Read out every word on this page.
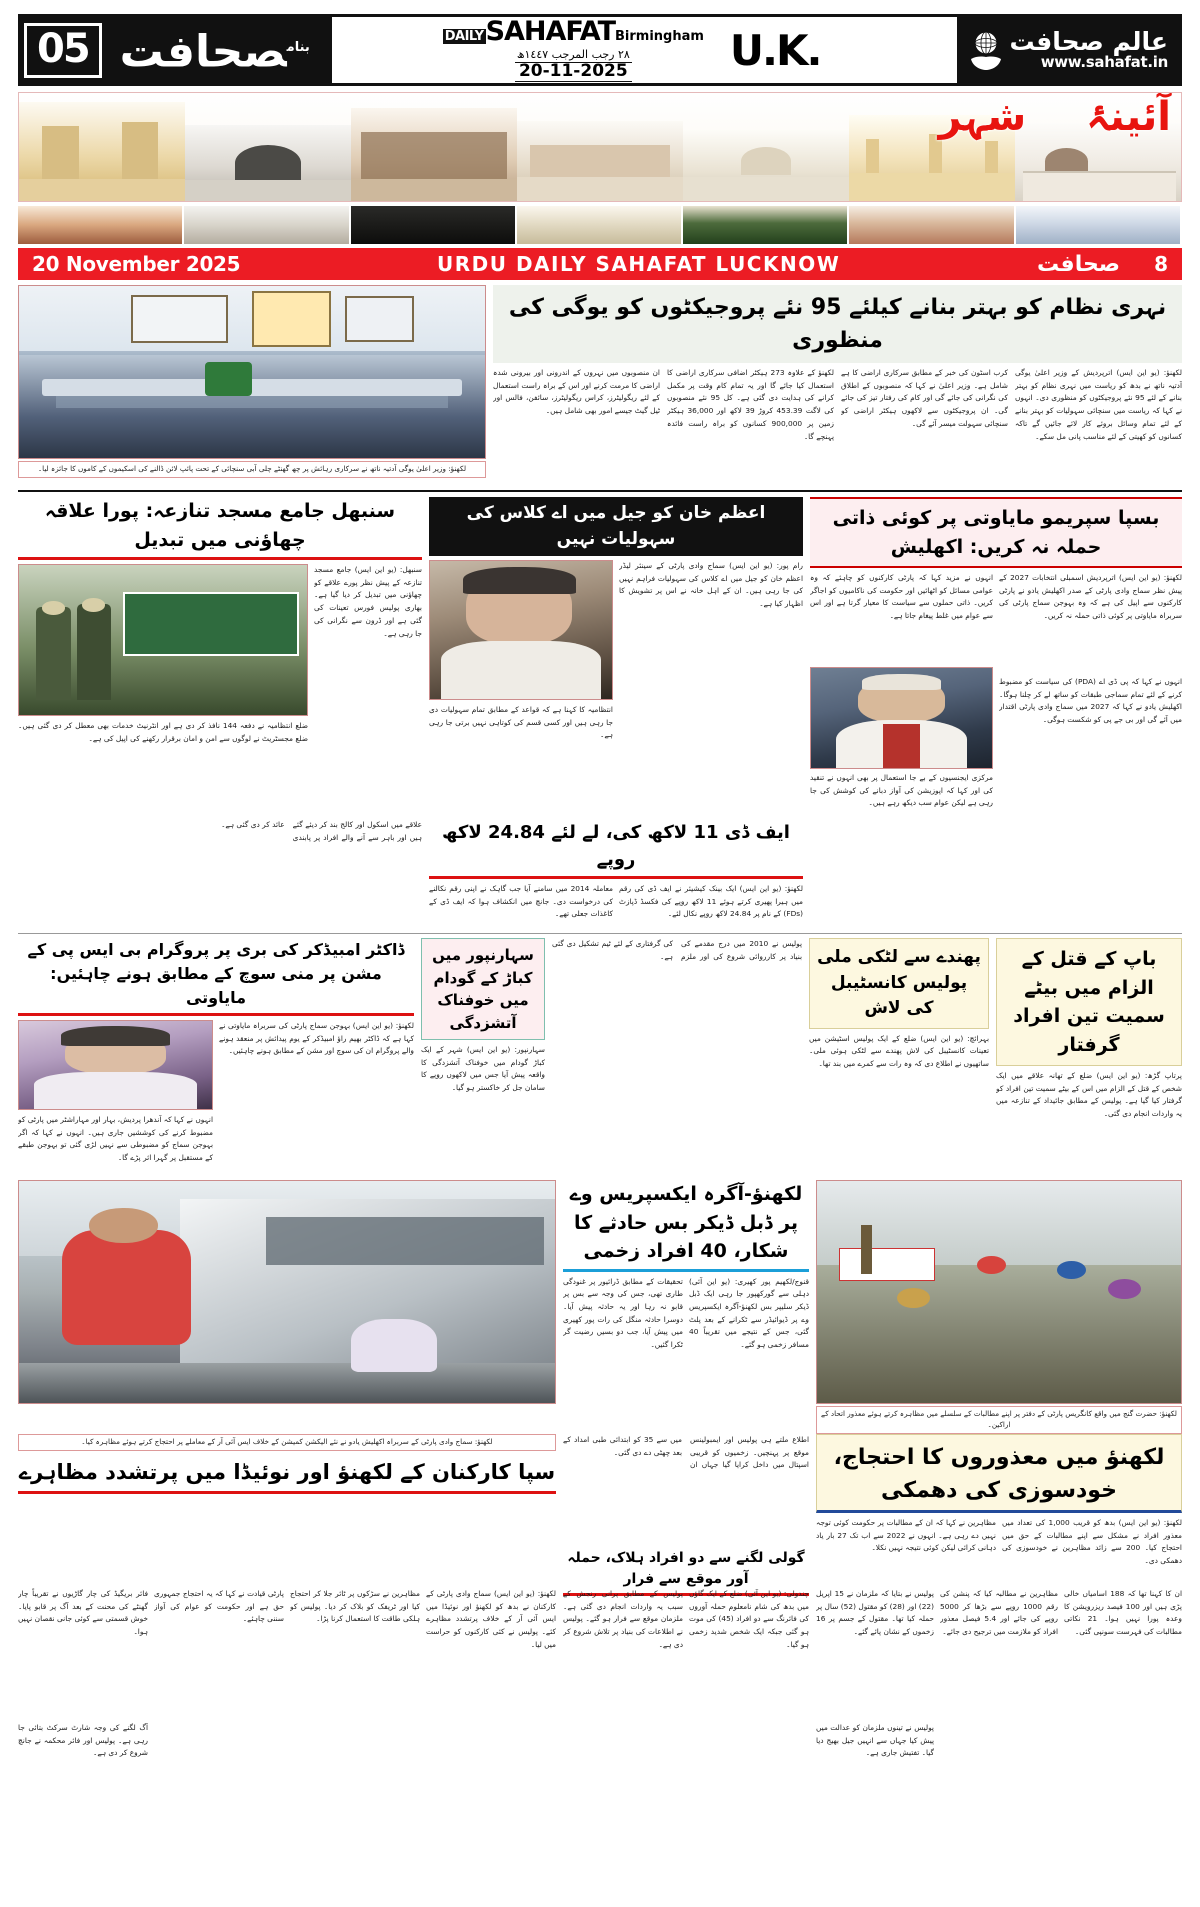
05	$^{بنام}$صحافت	DAILYSAHAFATBirmingham
٢٨ رجب المرجب ١٤٤٧ھ
20-11-2025	U.K.	عالم صحافت
www.sahafat.in
آئینۂ
شہر
20 November 2025	URDU DAILY SAHAFAT LUCKNOW	صحافت 8
نہری نظام کو بہتر بنانے کیلئے 95 نئے پروجیکٹوں کو یوگی کی منظوری
لکھنؤ: (یو این ایس) اترپردیش کے وزیر اعلیٰ یوگی آدتیہ ناتھ نے بدھ کو ریاست میں نہری نظام کو بہتر بنانے کے لئے 95 نئے پروجیکٹوں کو منظوری دی۔ انہوں نے کہا کہ ریاست میں سنچائی سہولیات کو بہتر بنانے کے لئے تمام وسائل بروئے کار لائے جائیں گے تاکہ کسانوں کو کھیتی کے لئے مناسب پانی مل سکے۔
کرب اسٹون کی خبر کے مطابق سرکاری اراضی کا ہے شامل ہے۔ وزیر اعلیٰ نے کہا کہ منصوبوں کے اطلاق کی نگرانی کی جائے گی اور کام کی رفتار تیز کی جائے گی۔ ان پروجیکٹوں سے لاکھوں ہیکٹر اراضی کو سنچائی سہولت میسر آئے گی۔
لکھنؤ کے علاوہ 273 ہیکٹر اضافی سرکاری اراضی کا استعمال کیا جائے گا اور یہ تمام کام وقت پر مکمل کرانے کی ہدایت دی گئی ہے۔ کل 95 نئے منصوبوں کی لاگت 453.39 کروڑ 39 لاکھ اور 36,000 ہیکٹر زمین پر 900,000 کسانوں کو براہ راست فائدہ پہنچے گا۔
ان منصوبوں میں نہروں کے اندرونی اور بیرونی شدہ اراضی کا مرمت کرنے اور اس کے براہ راست استعمال کے لئے ریگولیٹرز، کراس ریگولیٹرز، سائفن، فالس اور ٹیل گیٹ جیسے امور بھی شامل ہیں۔
لکھنؤ: وزیر اعلیٰ یوگی آدتیہ ناتھ نے سرکاری رہائش پر چھ گھنٹے چلی آبی سنچائی کے تحت پائپ لائن ڈالنے کی اسکیموں کے کاموں کا جائزہ لیا۔
بسپا سپریمو مایاوتی پر کوئی ذاتی حملہ نہ کریں: اکھلیش
لکھنؤ: (یو این ایس) اترپردیش اسمبلی انتخابات 2027 کے پیش نظر سماج وادی پارٹی کے صدر اکھلیش یادو نے پارٹی کارکنوں سے اپیل کی ہے کہ وہ بہوجن سماج پارٹی کی سربراہ مایاوتی پر کوئی ذاتی حملہ نہ کریں۔
انہوں نے کہا کہ پی ڈی اے (PDA) کی سیاست کو مضبوط کرنے کے لئے تمام سماجی طبقات کو ساتھ لے کر چلنا ہوگا۔ اکھلیش یادو نے کہا کہ 2027 میں سماج وادی پارٹی اقتدار میں آئے گی اور بی جے پی کو شکست ہوگی۔
انہوں نے مزید کہا کہ پارٹی کارکنوں کو چاہئے کہ وہ عوامی مسائل کو اٹھائیں اور حکومت کی ناکامیوں کو اجاگر کریں۔ ذاتی حملوں سے سیاست کا معیار گرتا ہے اور اس سے عوام میں غلط پیغام جاتا ہے۔
مرکزی ایجنسیوں کے بے جا استعمال پر بھی انہوں نے تنقید کی اور کہا کہ اپوزیشن کی آواز دبانے کی کوشش کی جا رہی ہے لیکن عوام سب دیکھ رہے ہیں۔
اعظم خان کو جیل میں اے کلاس کی سہولیات نہیں
رام پور: (یو این ایس) سماج وادی پارٹی کے سینئر لیڈر اعظم خان کو جیل میں اے کلاس کی سہولیات فراہم نہیں کی جا رہی ہیں۔ ان کے اہل خانہ نے اس پر تشویش کا اظہار کیا ہے۔
انتظامیہ کا کہنا ہے کہ قواعد کے مطابق تمام سہولیات دی جا رہی ہیں اور کسی قسم کی کوتاہی نہیں برتی جا رہی ہے۔
سنبھل جامع مسجد تنازعہ: پورا علاقہ چھاؤنی میں تبدیل
سنبھل: (یو این ایس) جامع مسجد تنازعہ کے پیش نظر پورے علاقے کو چھاؤنی میں تبدیل کر دیا گیا ہے۔ بھاری پولیس فورس تعینات کی گئی ہے اور ڈرون سے نگرانی کی جا رہی ہے۔
ضلع انتظامیہ نے دفعہ 144 نافذ کر دی ہے اور انٹرنیٹ خدمات بھی معطل کر دی گئی ہیں۔ ضلع مجسٹریٹ نے لوگوں سے امن و امان برقرار رکھنے کی اپیل کی ہے۔
ایف ڈی 11 لاکھ کی، لے لئے 24.84 لاکھ روپے
لکھنؤ: (یو این ایس) ایک بینک کیشیئر نے ایف ڈی کی رقم میں ہیرا پھیری کرتے ہوئے 11 لاکھ روپے کی فکسڈ ڈپازٹ (FDs) کے نام پر 24.84 لاکھ روپے نکال لئے۔
معاملہ 2014 میں سامنے آیا جب گاہک نے اپنی رقم نکالنے کی درخواست دی۔ جانچ میں انکشاف ہوا کہ ایف ڈی کے کاغذات جعلی تھے۔
علاقے میں اسکول اور کالج بند کر دیئے گئے ہیں اور باہر سے آنے والے افراد پر پابندی عائد کر دی گئی ہے۔
باپ کے قتل کے الزام میں بیٹے سمیت تین افراد گرفتار
پرتاپ گڑھ: (یو این ایس) ضلع کے تھانہ علاقے میں ایک شخص کے قتل کے الزام میں اس کے بیٹے سمیت تین افراد کو گرفتار کیا گیا ہے۔ پولیس کے مطابق جائیداد کے تنازعہ میں یہ واردات انجام دی گئی۔
پھندے سے لٹکی ملی پولیس کانسٹیبل کی لاش
بہرائچ: (یو این ایس) ضلع کے ایک پولیس اسٹیشن میں تعینات کانسٹیبل کی لاش پھندے سے لٹکی ہوئی ملی۔ ساتھیوں نے اطلاع دی کہ وہ رات سے کمرے میں بند تھا۔
پولیس نے 2010 میں درج مقدمے کی بنیاد پر کارروائی شروع کی اور ملزم کی گرفتاری کے لئے ٹیم تشکیل دی گئی ہے۔
سہارنپور میں کباڑ کے گودام میں خوفناک آتشزدگی
سہارنپور: (یو این ایس) شہر کے ایک کباڑ گودام میں خوفناک آتشزدگی کا واقعہ پیش آیا جس میں لاکھوں روپے کا سامان جل کر خاکستر ہو گیا۔
ڈاکٹر امبیڈکر کی بری پر پروگرام بی ایس پی کے مشن پر منی سوچ کے مطابق ہونے چاہئیں: مایاوتی
لکھنؤ: (یو این ایس) بہوجن سماج پارٹی کی سربراہ مایاوتی نے کہا ہے کہ ڈاکٹر بھیم راؤ امبیڈکر کے یوم پیدائش پر منعقد ہونے والے پروگرام ان کی سوچ اور مشن کے مطابق ہونے چاہئیں۔
انہوں نے کہا کہ آندھرا پردیش، بہار اور مہاراشٹر میں پارٹی کو مضبوط کرنے کی کوششیں جاری ہیں۔ انہوں نے کہا کہ اگر بہوجن سماج کو مضبوطی سے نہیں لڑی گئی تو بہوجن طبقے کے مستقبل پر گہرا اثر پڑے گا۔
لکھنؤ: حضرت گنج میں واقع کانگریس پارٹی کے دفتر پر اپنے مطالبات کے سلسلے میں مظاہرہ کرتے ہوئے معذور اتحاد کے اراکین۔
لکھنؤ-آگرہ ایکسپریس وے پر ڈبل ڈیکر بس حادثے کا شکار، 40 افراد زخمی
قنوج/لکھیم پور کھیری: (یو این آئی) دہلی سے گورکھپور جا رہی ایک ڈبل ڈیکر سلیپر بس لکھنؤ-آگرہ ایکسپریس وے پر ڈیوائیڈر سے ٹکرانے کے بعد پلٹ گئی، جس کے نتیجے میں تقریباً 40 مسافر زخمی ہو گئے۔
تحقیقات کے مطابق ڈرائیور پر غنودگی طاری تھی، جس کی وجہ سے بس پر قابو نہ رہا اور یہ حادثہ پیش آیا۔ دوسرا حادثہ منگل کی رات پور کھیری میں پیش آیا، جب دو بسیں رضیت گر ٹکرا گئیں۔
لکھنؤ میں معذوروں کا احتجاج، خودسوزی کی دھمکی
لکھنؤ: (یو این ایس) بدھ کو قریب 1,000 کی تعداد میں معذور افراد نے مشکل سے اپنے مطالبات کے حق میں احتجاج کیا۔ 200 سے زائد مظاہرین نے خودسوزی کی دھمکی دی۔
مظاہرین نے کہا کہ ان کے مطالبات پر حکومت کوئی توجہ نہیں دے رہی ہے۔ انہوں نے 2022 سے اب تک 27 بار یاد دہانی کرائی لیکن کوئی نتیجہ نہیں نکلا۔
اطلاع ملتے ہی پولیس اور ایمبولینس موقع پر پہنچیں۔ زخمیوں کو قریبی اسپتال میں داخل کرایا گیا جہاں ان میں سے 35 کو ابتدائی طبی امداد کے بعد چھٹی دے دی گئی۔
گولی لگنے سے دو افراد ہلاک، حملہ آور موقع سے فرار
لکھنؤ: سماج وادی پارٹی کے سربراہ اکھلیش یادو نے نئے الیکشن کمیشن کے خلاف ایس آئی آر کے معاملے پر احتجاج کرتے ہوئے مظاہرہ کیا۔
سپا کارکنان کے لکھنؤ اور نوئیڈا میں پرتشدد مظاہرے
ان کا کہنا تھا کہ 188 اسامیاں خالی پڑی ہیں اور 100 فیصد ریزرویشن کا وعدہ پورا نہیں ہوا۔ 21 نکاتی مطالبات کی فہرست سونپی گئی۔
مظاہرین نے مطالبہ کیا کہ پنشن کی رقم 1000 روپے سے بڑھا کر 5000 روپے کی جائے اور 5.4 فیصل معذور افراد کو ملازمت میں ترجیح دی جائے۔
پولیس نے بتایا کہ ملزمان نے 15 اپریل (22) اور (28) کو مقتول (52) سال پر حملہ کیا تھا۔ مقتول کے جسم پر 16 زخموں کے نشان پائے گئے۔
پولیس نے تینوں ملزمان کو عدالت میں پیش کیا جہاں سے انہیں جیل بھیج دیا گیا۔ تفتیش جاری ہے۔
چندولی: (یو این آئی) ضلع کے ایک گاؤں میں بدھ کی شام نامعلوم حملہ آوروں کی فائرنگ سے دو افراد (45) کی موت ہو گئی جبکہ ایک شخص شدید زخمی ہو گیا۔
پولیس کے مطابق پرانی رنجش کے سبب یہ واردات انجام دی گئی ہے۔ ملزمان موقع سے فرار ہو گئے۔ پولیس نے اطلاعات کی بنیاد پر تلاش شروع کر دی ہے۔
لکھنؤ: (یو این ایس) سماج وادی پارٹی کے کارکنان نے بدھ کو لکھنؤ اور نوئیڈا میں ایس آئی آر کے خلاف پرتشدد مظاہرے کئے۔ پولیس نے کئی کارکنوں کو حراست میں لیا۔
مظاہرین نے سڑکوں پر ٹائر جلا کر احتجاج کیا اور ٹریفک کو بلاک کر دیا۔ پولیس کو ہلکی طاقت کا استعمال کرنا پڑا۔
پارٹی قیادت نے کہا کہ یہ احتجاج جمہوری حق ہے اور حکومت کو عوام کی آواز سننی چاہئے۔
فائر بریگیڈ کی چار گاڑیوں نے تقریباً چار گھنٹے کی محنت کے بعد آگ پر قابو پایا۔ خوش قسمتی سے کوئی جانی نقصان نہیں ہوا۔
آگ لگنے کی وجہ شارٹ سرکٹ بتائی جا رہی ہے۔ پولیس اور فائر محکمہ نے جانچ شروع کر دی ہے۔
